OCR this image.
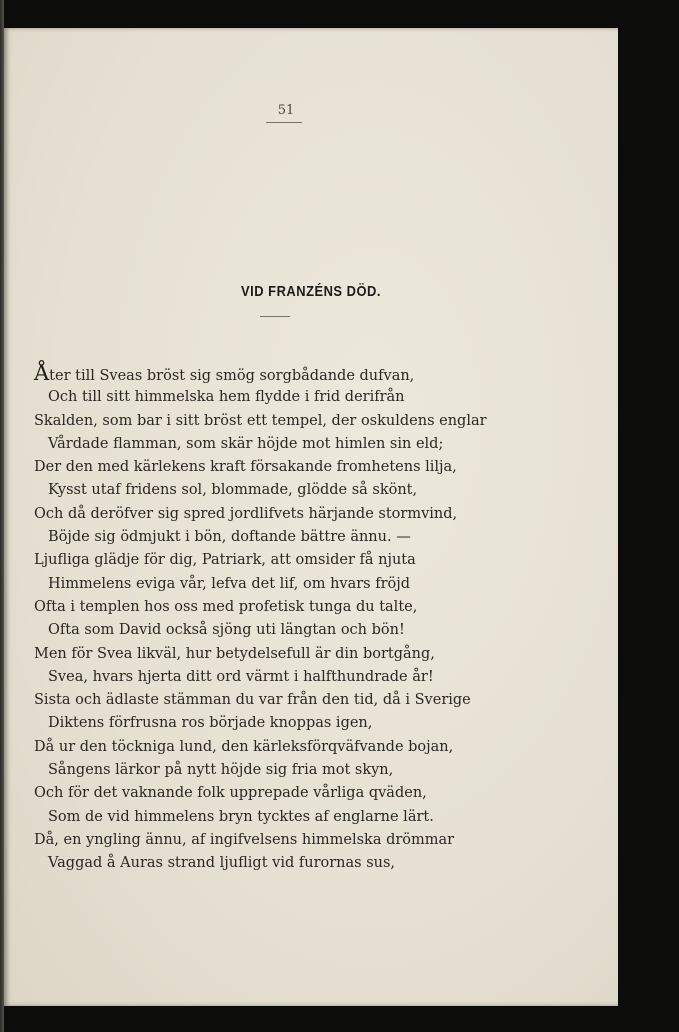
51

VID FRANZÉNS DÖD.
Åter till Sveas bröst sig smög sorgbådande dufvan,
Och till sitt himmelska hem flydde i frid derifrån
Skalden, som bar i sitt bröst ett tempel, der oskuldens englar
Vårdade flamman, som skär höjde mot himlen sin eld;
Der den med kärlekens kraft försakande fromhetens lilja,
Kysst utaf fridens sol, blommade, glödde så skönt,
Och då deröfver sig spred jordlifvets härjande stormvind,
Böjde sig ödmjukt i bön, doftande bättre ännu. —
Ljufliga glädje för dig, Patriark, att omsider få njuta
Himmelens eviga vår, lefva det lif, om hvars fröjd
Ofta i templen hos oss med profetisk tunga du talte,
Ofta som David också sjöng uti längtan och bön!
Men för Svea likväl, hur betydelsefull är din bortgång,
Svea, hvars hjerta ditt ord värmt i halfthundrade år!
Sista och ädlaste stämman du var från den tid, då i Sverige
Diktens förfrusna ros började knoppas igen,
Då ur den töckniga lund, den kärleksförqväfvande bojan,
Sångens lärkor på nytt höjde sig fria mot skyn,
Och för det vaknande folk upprepade vårliga qväden,
Som de vid himmelens bryn tycktes af englarne lärt.
Då, en yngling ännu, af ingifvelsens himmelska drömmar
Vaggad å Auras strand ljufligt vid furornas sus,
